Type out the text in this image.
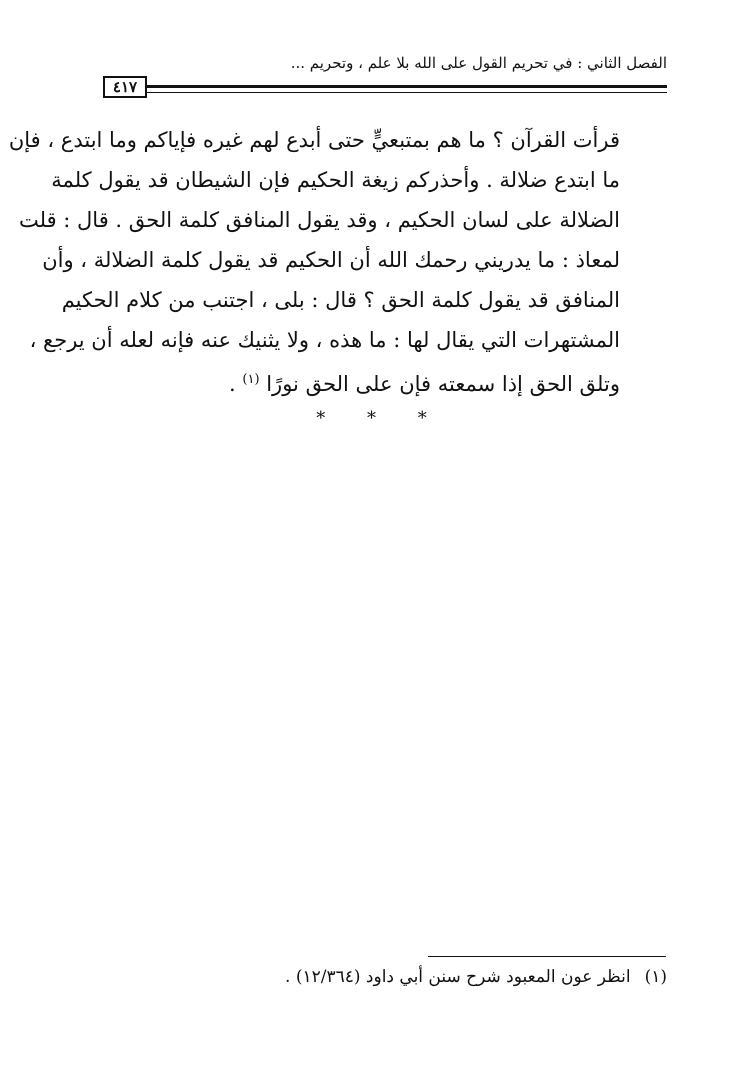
الفصل الثاني : في تحريم القول على الله بلا علم ، وتحريم ...
٤١٧
قرأت القرآن ؟ ما هم بمتبعيٍّ حتى أبدع لهم غيره فإياكم وما ابتدع ، فإن
ما ابتدع ضلالة . وأحذركم زيغة الحكيم فإن الشيطان قد يقول كلمة
الضلالة على لسان الحكيم ، وقد يقول المنافق كلمة الحق . قال : قلت
لمعاذ : ما يدريني رحمك الله أن الحكيم قد يقول كلمة الضلالة ، وأن
المنافق قد يقول كلمة الحق ؟ قال : بلى ، اجتنب من كلام الحكيم
المشتهرات التي يقال لها : ما هذه ، ولا يثنيك عنه فإنه لعله أن يرجع ،
وتلق الحق إذا سمعته فإن على الحق نورًا $^{(١)}$ .
* * *
(١)انظر عون المعبود شرح سنن أبي داود (١٢/٣٦٤) .
